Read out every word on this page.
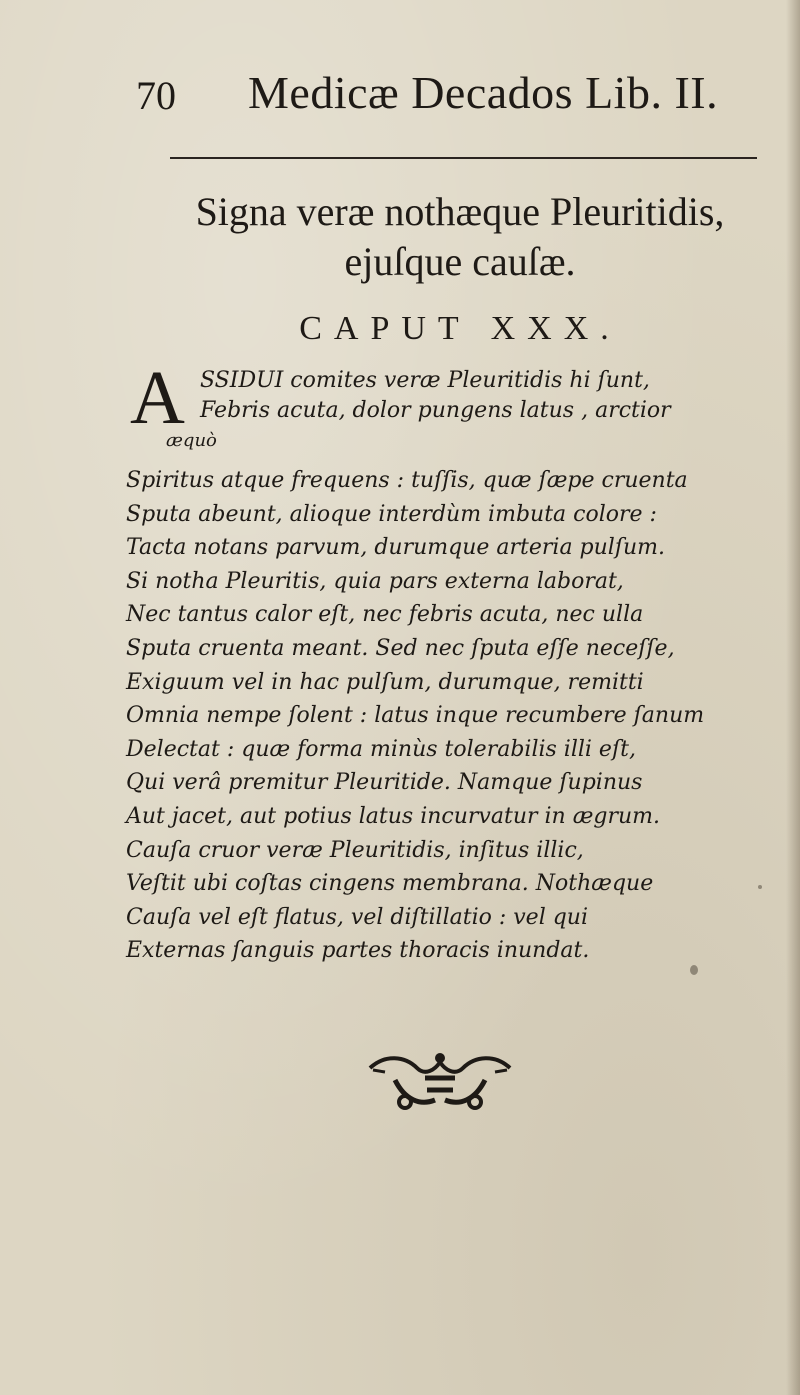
70 Medicæ Decados Lib. II.
Signa veræ nothæque Pleuritidis,
ejuſque cauſæ.
CAPUT XXX.
A SSIDUI comites veræ Pleuritidis hi ſunt,
Febris acuta, dolor pungens latus , arctior
æquò
Spiritus atque frequens : tuſſis, quæ ſæpe cruenta
Sputa abeunt, alioque interdùm imbuta colore :
Tacta notans parvum, durumque arteria pulſum.
Si notha Pleuritis, quia pars externa laborat,
Nec tantus calor eſt, nec febris acuta, nec ulla
Sputa cruenta meant. Sed nec ſputa eſſe neceſſe,
Exiguum vel in hac pulſum, durumque, remitti
Omnia nempe ſolent : latus inque recumbere ſanum
Delectat : quæ forma minùs tolerabilis illi eſt,
Qui verâ premitur Pleuritide. Namque ſupinus
Aut jacet, aut potius latus incurvatur in ægrum.
Cauſa cruor veræ Pleuritidis, inſitus illic,
Veſtit ubi coſtas cingens membrana. Nothæque
Cauſa vel eſt flatus, vel diſtillatio : vel qui
Externas ſanguis partes thoracis inundat.
